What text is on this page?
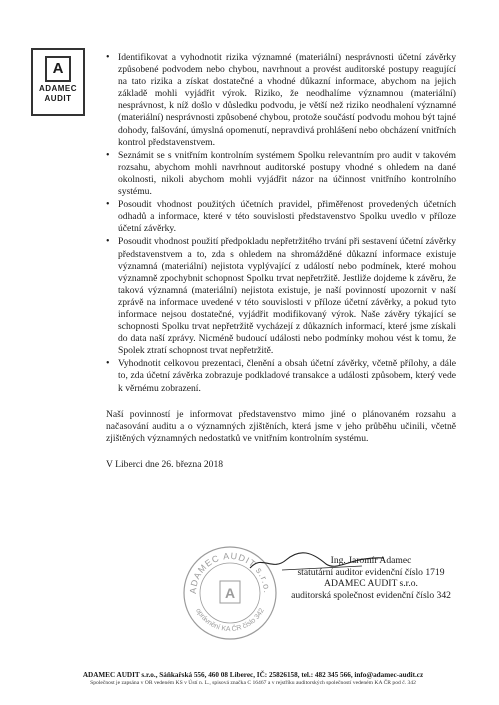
A
ADAMEC
AUDIT
• Identifikovat a vyhodnotit rizika významné (materiální) nesprávnosti účetní závěrky způsobené podvodem nebo chybou, navrhnout a provést auditorské postupy reagující na tato rizika a získat dostatečné a vhodné důkazní informace, abychom na jejich základě mohli vyjádřit výrok. Riziko, že neodhalíme významnou (materiální) nesprávnost, k níž došlo v důsledku podvodu, je větší než riziko neodhalení významné (materiální) nesprávnosti způsobené chybou, protože součástí podvodu mohou být tajné dohody, falšování, úmyslná opomenutí, nepravdivá prohlášení nebo obcházení vnitřních kontrol představenstvem.
• Seznámit se s vnitřním kontrolním systémem Spolku relevantním pro audit v takovém rozsahu, abychom mohli navrhnout auditorské postupy vhodné s ohledem na dané okolnosti, nikoli abychom mohli vyjádřit názor na účinnost vnitřního kontrolního systému.
• Posoudit vhodnost použitých účetních pravidel, přiměřenost provedených účetních odhadů a informace, které v této souvislosti představenstvo Spolku uvedlo v příloze účetní závěrky.
• Posoudit vhodnost použití předpokladu nepřetržitého trvání při sestavení účetní závěrky představenstvem a to, zda s ohledem na shromážděné důkazní informace existuje významná (materiální) nejistota vyplývající z událostí nebo podmínek, které mohou významně zpochybnit schopnost Spolku trvat nepřetržitě. Jestliže dojdeme k závěru, že taková významná (materiální) nejistota existuje, je naší povinností upozornit v naší zprávě na informace uvedené v této souvislosti v příloze účetní závěrky, a pokud tyto informace nejsou dostatečné, vyjádřit modifikovaný výrok. Naše závěry týkající se schopnosti Spolku trvat nepřetržitě vycházejí z důkazních informací, které jsme získali do data naší zprávy. Nicméně budoucí události nebo podmínky mohou vést k tomu, že Spolek ztratí schopnost trvat nepřetržitě.
• Vyhodnotit celkovou prezentaci, členění a obsah účetní závěrky, včetně přílohy, a dále to, zda účetní závěrka zobrazuje podkladové transakce a události způsobem, který vede k věrnému zobrazení.

Naší povinností je informovat představenstvo mimo jiné o plánovaném rozsahu a načasování auditu a o významných zjištěních, která jsme v jeho průběhu učinili, včetně zjištěných významných nedostatků ve vnitřním kontrolním systému.

V Liberci dne 26. března 2018

ADAMEC AUDIT s.r.o.
oprávnění KA ČR číslo 342
A
Ing. Jaromír Adamec
statutární auditor evidenční číslo 1719
ADAMEC AUDIT s.r.o.
auditorská společnost evidenční číslo 342
ADAMEC AUDIT s.r.o., Sáňkařská 556, 460 08 Liberec, IČ: 25826158, tel.: 482 345 566, info@adamec-audit.cz
Společnost je zapsána v OR vedeném KS v Ústí n. L., spisová značka C 16467 a v rejstříku auditorských společností vedeném KA ČR pod č. 342
